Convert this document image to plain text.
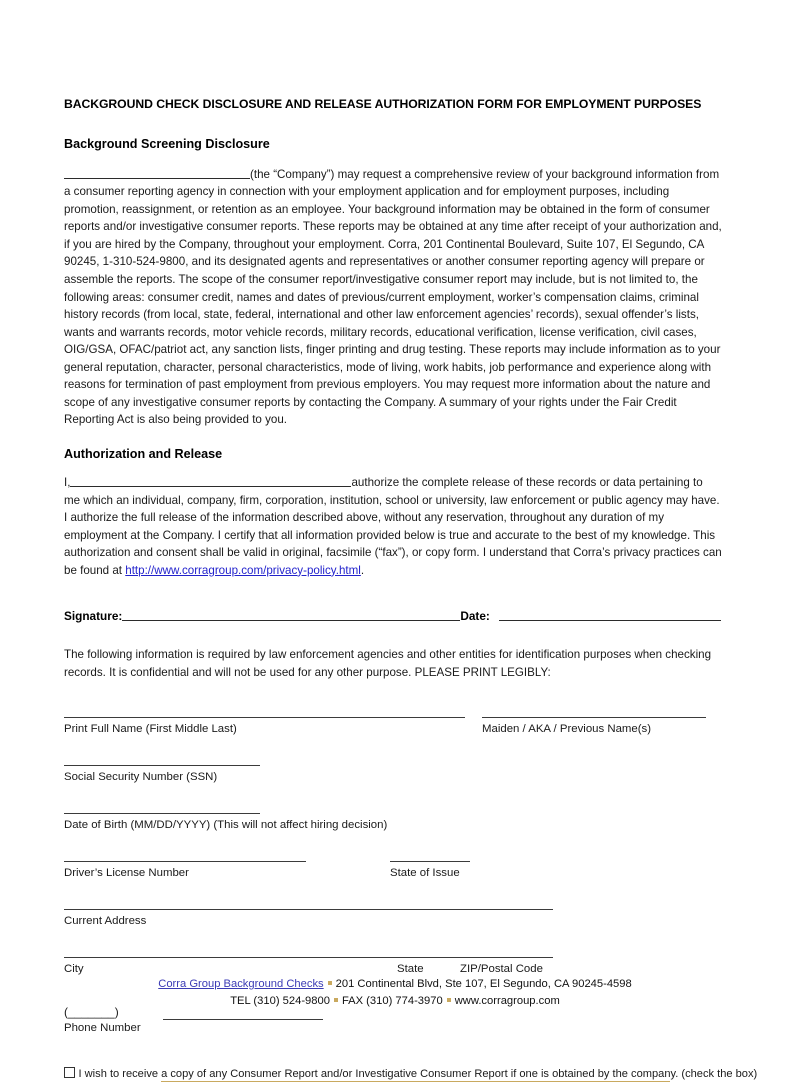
BACKGROUND CHECK DISCLOSURE AND RELEASE AUTHORIZATION FORM FOR EMPLOYMENT PURPOSES
Background Screening Disclosure
(the “Company”) may request a comprehensive review of your background information from a consumer reporting agency in connection with your employment application and for employment purposes, including promotion, reassignment, or retention as an employee. Your background information may be obtained in the form of consumer reports and/or investigative consumer reports. These reports may be obtained at any time after receipt of your authorization and, if you are hired by the Company, throughout your employment. Corra, 201 Continental Boulevard, Suite 107, El Segundo, CA 90245, 1-310-524-9800, and its designated agents and representatives or another consumer reporting agency will prepare or assemble the reports. The scope of the consumer report/investigative consumer report may include, but is not limited to, the following areas: consumer credit, names and dates of previous/current employment, worker’s compensation claims, criminal history records (from local, state, federal, international and other law enforcement agencies’ records), sexual offender’s lists, wants and warrants records, motor vehicle records, military records, educational verification, license verification, civil cases, OIG/GSA, OFAC/patriot act, any sanction lists, finger printing and drug testing. These reports may include information as to your general reputation, character, personal characteristics, mode of living, work habits, job performance and experience along with reasons for termination of past employment from previous employers. You may request more information about the nature and scope of any investigative consumer reports by contacting the Company. A summary of your rights under the Fair Credit Reporting Act is also being provided to you.
Authorization and Release
I,	authorize the complete release of these records or data pertaining to me which an individual, company, firm, corporation, institution, school or university, law enforcement or public agency may have. I authorize the full release of the information described above, without any reservation, throughout any duration of my employment at the Company. I certify that all information provided below is true and accurate to the best of my knowledge. This authorization and consent shall be valid in original, facsimile (“fax”), or copy form. I understand that Corra’s privacy practices can be found at http://www.corragroup.com/privacy-policy.html.
Signature:	Date:
The following information is required by law enforcement agencies and other entities for identification purposes when checking records. It is confidential and will not be used for any other purpose. PLEASE PRINT LEGIBLY:
Print Full Name (First Middle Last)	Maiden / AKA / Previous Name(s)
Social Security Number (SSN)
Date of Birth (MM/DD/YYYY) (This will not affect hiring decision)
Driver’s License Number	State of Issue
Current Address
City	State	ZIP/Postal Code
(_______)
Phone Number
I wish to receive a copy of any Consumer Report and/or Investigative Consumer Report if one is obtained by the company. (check the box)
Corra Group Background Checks 201 Continental Blvd, Ste 107, El Segundo, CA 90245-4598
TEL (310) 524-9800 FAX (310) 774-3970 www.corragroup.com
